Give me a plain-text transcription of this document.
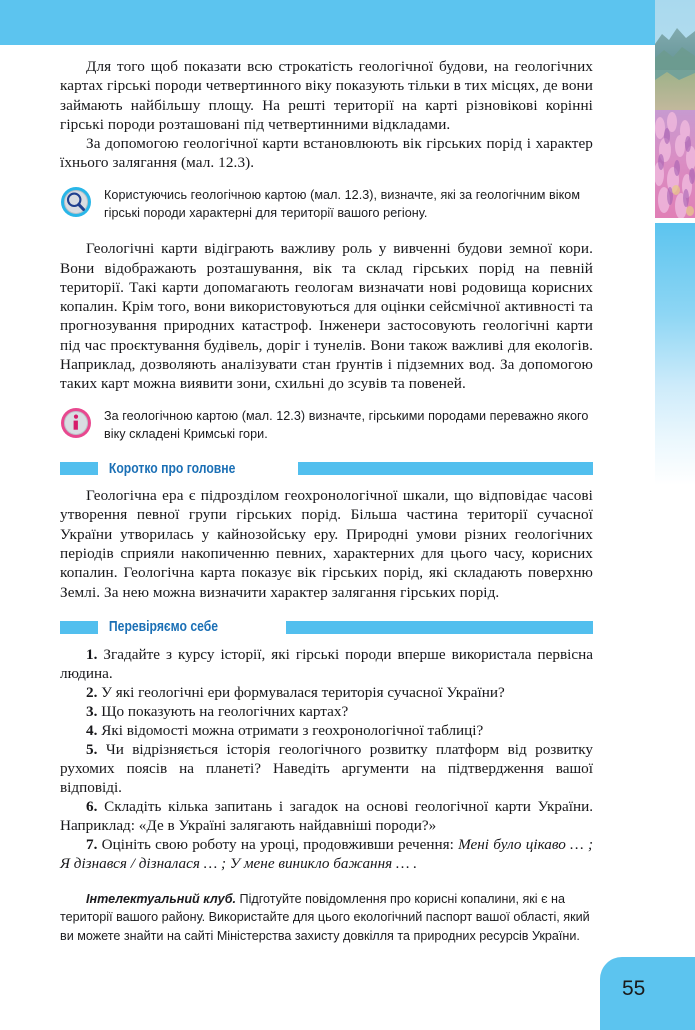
Для того щоб показати всю строкатість геологічної будови, на геологічних картах гірські породи четвертинного віку показують тільки в тих місцях, де вони займають найбільшу площу. На решті території на карті різновікові корінні гірські породи розташовані під четвертинними відкладами.

За допомогою геологічної карти встановлюють вік гірських порід і характер їхнього залягання (мал. 12.3).

Користуючись геологічною картою (мал. 12.3), визначте, які за геологічним віком гірські породи характерні для території вашого регіону.

Геологічні карти відіграють важливу роль у вивченні будови земної кори. Вони відображають розташування, вік та склад гірських порід на певній території. Такі карти допомагають геологам визначати нові родовища корисних копалин. Крім того, вони використовуються для оцінки сейсмічної активності та прогнозування природних катастроф. Інженери застосовують геологічні карти під час проєктування будівель, доріг і тунелів. Вони також важливі для екологів. Наприклад, дозволяють аналізувати стан ґрунтів і підземних вод. За допомогою таких карт можна виявити зони, схильні до зсувів та повеней.

За геологічною картою (мал. 12.3) визначте, гірськими породами переважно якого віку складені Кримські гори.
Коротко про головне

Геологічна ера є підрозділом геохронологічної шкали, що відповідає часові утворення певної групи гірських порід. Більша частина території сучасної України утворилась у кайнозойську еру. Природні умови різних геологічних періодів сприяли накопиченню певних, характерних для цього часу, корисних копалин. Геологічна карта показує вік гірських порід, які складають поверхню Землі. За нею можна визначити характер залягання гірських порід.

Перевіряємо себе

1. Згадайте з курсу історії, які гірські породи вперше використала первісна людина.

2. У які геологічні ери формувалася територія сучасної України?

3. Що показують на геологічних картах?

4. Які відомості можна отримати з геохронологічної таблиці?

5. Чи відрізняється історія геологічного розвитку платформ від розвитку рухомих поясів на планеті? Наведіть аргументи на підтвердження вашої відповіді.

6. Складіть кілька запитань і загадок на основі геологічної карти України. Наприклад: «Де в Україні залягають найдавніші породи?»

7. Оцініть свою роботу на уроці, продовживши речення: Мені було цікаво … ; Я дізнався / дізналася … ; У мене виникло бажання … .

Інтелектуальний клуб. Підготуйте повідомлення про корисні копалини, які є на території вашого району. Використайте для цього екологічний паспорт вашої області, який ви можете знайти на сайті Міністерства захисту довкілля та природних ресурсів України.

55
